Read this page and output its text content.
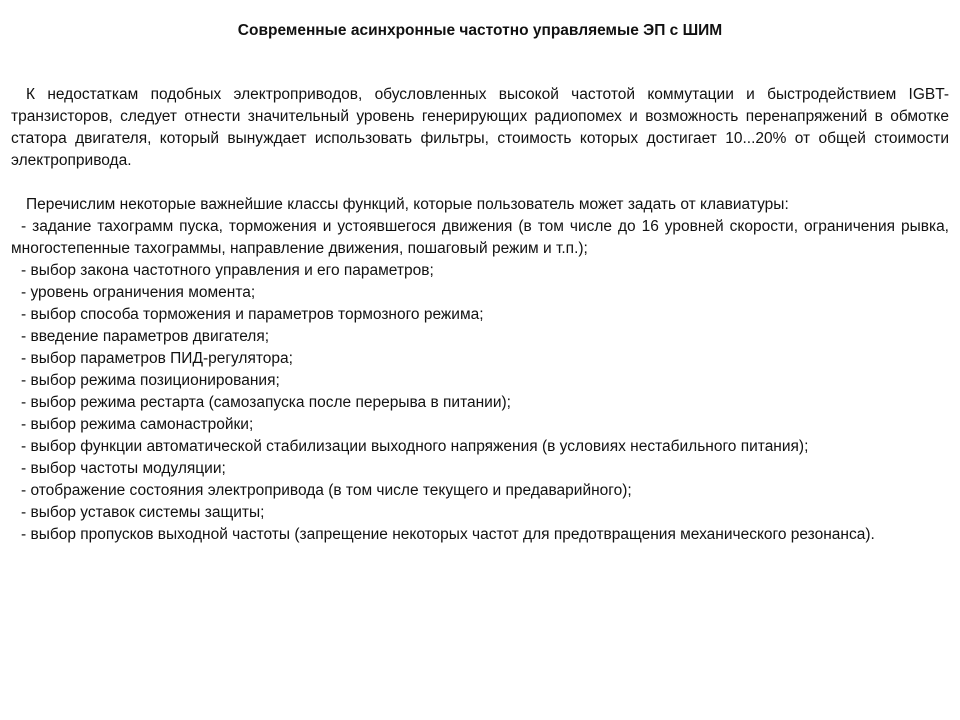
Современные асинхронные частотно управляемые ЭП с ШИМ

К недостаткам подобных электроприводов, обусловленных высокой частотой коммутации и быстродействием IGBT-транзисторов, следует отнести значительный уровень генерирующих радиопомех и возможность перенапряжений в обмотке статора двигателя, который вынуждает использовать фильтры, стоимость которых достигает 10...20% от общей стоимости электропривода.

Перечислим некоторые важнейшие классы функций, которые пользователь может задать от клавиатуры:

- задание тахограмм пуска, торможения и устоявшегося движения (в том числе до 16 уровней скорости, ограничения рывка, многостепенные тахограммы, направление движения, пошаговый режим и т.п.);
- выбор закона частотного управления и его параметров;
- уровень ограничения момента;
- выбор способа торможения и параметров тормозного режима;
- введение параметров двигателя;
- выбор параметров ПИД-регулятора;
- выбор режима позиционирования;
- выбор режима рестарта (самозапуска после перерыва в питании);
- выбор режима самонастройки;
- выбор функции автоматической стабилизации выходного напряжения (в условиях нестабильного питания);
- выбор частоты модуляции;
- отображение состояния электропривода (в том числе текущего и предаварийного);
- выбор уставок системы защиты;
- выбор пропусков выходной частоты (запрещение некоторых частот для предотвращения механического резонанса).
